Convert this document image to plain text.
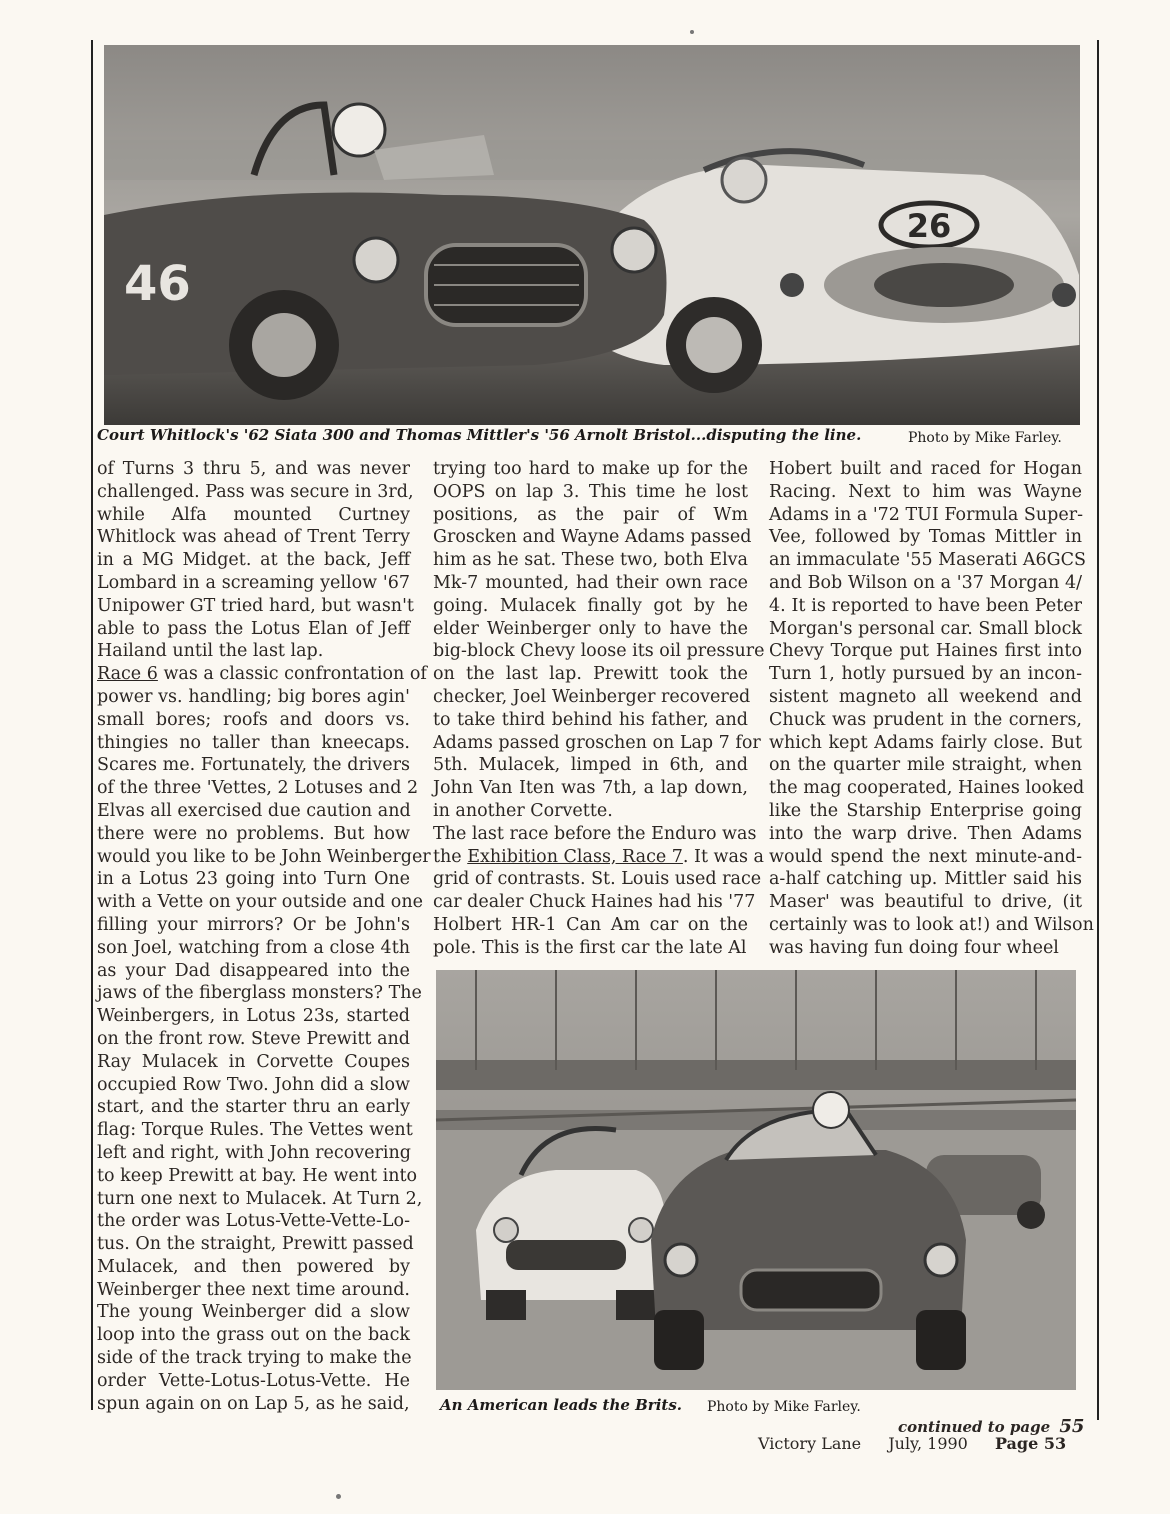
26
46
Court Whitlock's '62 Siata 300 and Thomas Mittler's '56 Arnolt Bristol...disputing the line.	Photo by Mike Farley.
of Turns 3 thru 5, and was never
challenged. Pass was secure in 3rd,
while Alfa mounted Curtney
Whitlock was ahead of Trent Terry
in a MG Midget. at the back, Jeff
Lombard in a screaming yellow '67
Unipower GT tried hard, but wasn't
able to pass the Lotus Elan of Jeff
Hailand until the last lap.
Race 6 was a classic confrontation of
power vs. handling; big bores agin'
small bores; roofs and doors vs.
thingies no taller than kneecaps.
Scares me. Fortunately, the drivers
of the three 'Vettes, 2 Lotuses and 2
Elvas all exercised due caution and
there were no problems. But how
would you like to be John Weinberger
in a Lotus 23 going into Turn One
with a Vette on your outside and one
filling your mirrors? Or be John's
son Joel, watching from a close 4th
as your Dad disappeared into the
jaws of the fiberglass monsters? The
Weinbergers, in Lotus 23s, started
on the front row. Steve Prewitt and
Ray Mulacek in Corvette Coupes
occupied Row Two. John did a slow
start, and the starter thru an early
flag: Torque Rules. The Vettes went
left and right, with John recovering
to keep Prewitt at bay. He went into
turn one next to Mulacek. At Turn 2,
the order was Lotus-Vette-Vette-Lo-
tus. On the straight, Prewitt passed
Mulacek, and then powered by
Weinberger thee next time around.
The young Weinberger did a slow
loop into the grass out on the back
side of the track trying to make the
order Vette-Lotus-Lotus-Vette. He
spun again on on Lap 5, as he said,
trying too hard to make up for the
OOPS on lap 3. This time he lost
positions, as the pair of Wm
Groscken and Wayne Adams passed
him as he sat. These two, both Elva
Mk-7 mounted, had their own race
going. Mulacek finally got by he
elder Weinberger only to have the
big-block Chevy loose its oil pressure
on the last lap. Prewitt took the
checker, Joel Weinberger recovered
to take third behind his father, and
Adams passed groschen on Lap 7 for
5th. Mulacek, limped in 6th, and
John Van Iten was 7th, a lap down,
in another Corvette.
The last race before the Enduro was
the Exhibition Class, Race 7. It was a
grid of contrasts. St. Louis used race
car dealer Chuck Haines had his '77
Holbert HR-1 Can Am car on the
pole. This is the first car the late Al
Hobert built and raced for Hogan
Racing. Next to him was Wayne
Adams in a '72 TUI Formula Super-
Vee, followed by Tomas Mittler in
an immaculate '55 Maserati A6GCS
and Bob Wilson on a '37 Morgan 4/
4. It is reported to have been Peter
Morgan's personal car. Small block
Chevy Torque put Haines first into
Turn 1, hotly pursued by an incon-
sistent magneto all weekend and
Chuck was prudent in the corners,
which kept Adams fairly close. But
on the quarter mile straight, when
the mag cooperated, Haines looked
like the Starship Enterprise going
into the warp drive. Then Adams
would spend the next minute-and-
a-half catching up. Mittler said his
Maser' was beautiful to drive, (it
certainly was to look at!) and Wilson
was having fun doing four wheel
An American leads the Brits. Photo by Mike Farley.
continued to page 55
Victory Lane July, 1990 Page 53
